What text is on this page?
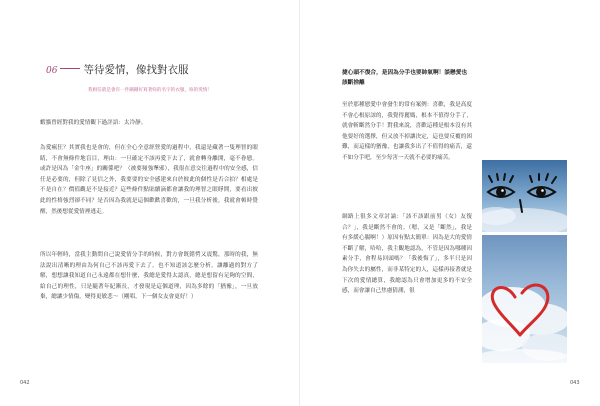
06 等待愛情，像找對衣服
我相信就是會有一件剛剛好寫著妳的名字的衣服，妳的愛情！

蝦貓曾經對我的愛情觀下過評語：太冷靜。

為愛瘋狂？其實我也是會的，但在全心全意經營愛的過程中，我還是藏著一隻理智的眼睛，不會無條件地盲目，理由：一旦確定不該再愛下去了，就會轉身離開，毫不眷戀。或許是因為「金牛座」的關係吧？（被要頻強犟邪），我很在意交往過程中的安全感，信任是必要的，但除了見信之外，我要要的安全感建來自於彼此的個性是否合拍？相處是不是自在？價值觀是不是接近？這些條件點貼續滴都會讓我的理智之眼睜開，要看出彼此的性格強烈卻不同？是否因為我就是這個歡歡喜歡的，一旦我分析後，我就會頓時覺醒，然後想從愛情裡逃走。

所以年輕時，當我主動問自己說愛情分手的時候，對方會既錯愕又震驚，那時的我，無法說出清晰的理由為何自己不該再愛下去了，也不知道該怎麼分析，讓離過的對方了解，想想讓我知道自己永遠都在想什麼，我總是愛得太認真，總是想留有足夠的空間，給自己的理性，只是隨著年紀漸長，才發現是這個道理，因為多餘的「猶豫」，一旦放棄，總讓少情傷，變得更敏悲～（剛唱，下一個女友會更好！）

042
捷心頭不復合，是因為分手也要帥氣啊！談戀愛也該斷捨離

至於那種戀愛中會發生的常有案例：喜歡，我是高度不會心根原諒的，我覺得麗媽，根本不值得分手了，就會斬斷然分手！對我來說，喜歡這種是根本沒有其他要好的選擇，但又放不掉讓決定，這也要反覆的困難，而這樣的猶豫，也讓我多出了不值得的痛苦，還不如分手吧，至少每害一天就不必要的痛苦。

網路上很多文章討論：「該不該跟前男（女）友復合？」，我是斷然不會的。（嗯，又是「斷然」，我是有多緩心腸啊！）原因有點太簡單：因為是大的愛情不斷了解，哈哈，我主觀地認為，不管是因為哪種因素分手，會程易回頭嗎？「我後悔了」，多半只是因為你失去的屬性，而非某特定的人，這樣再接著就是下次的愛情總算，我總認為只會增加更多的不安全感，而會讓自己焦慮猜測，很

043
